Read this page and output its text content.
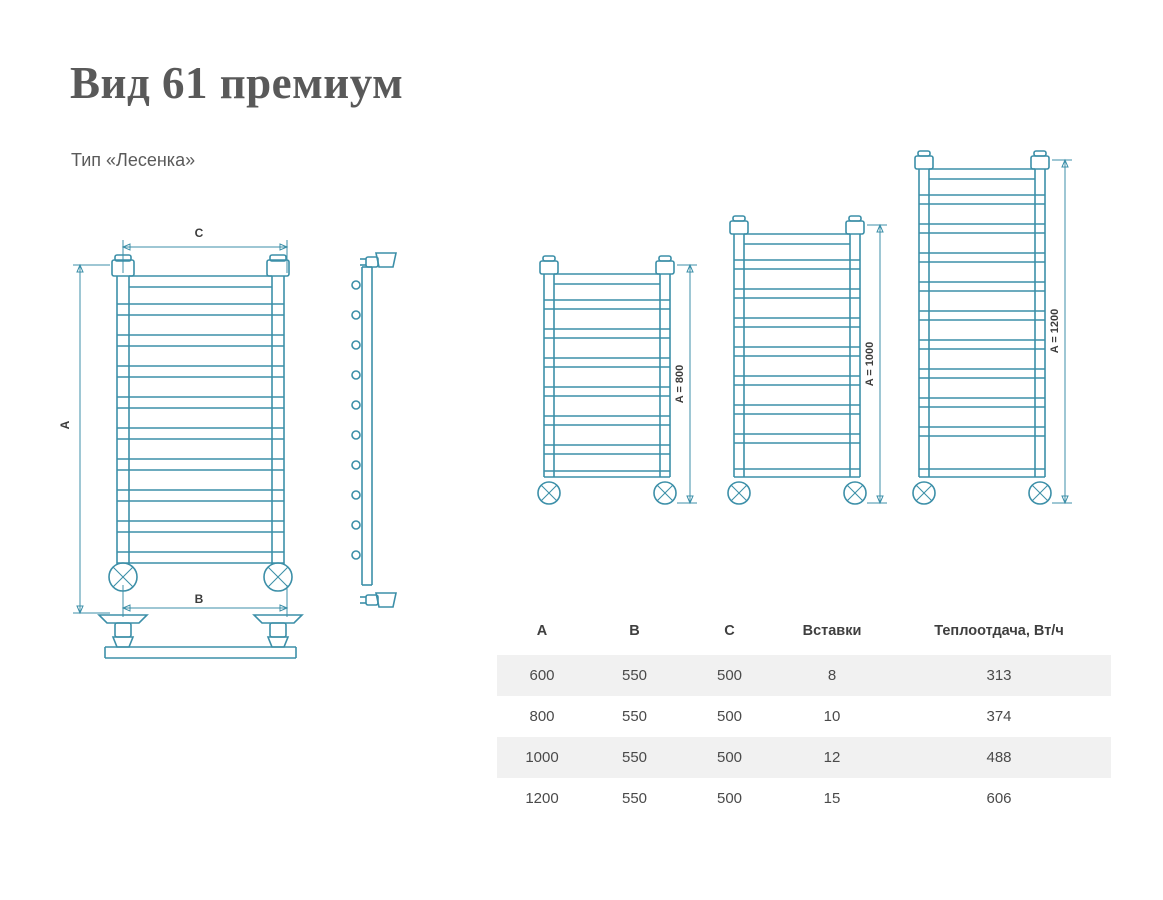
Вид 61 премиум
Тип «Лесенка»
C
A
B
A = 800	A = 1000
A = 1200
A	B	C	Вставки	Теплоотдача, Вт/ч
600	550	500	8	313
800	550	500	10	374
1000	550	500	12	488
1200	550	500	15	606
